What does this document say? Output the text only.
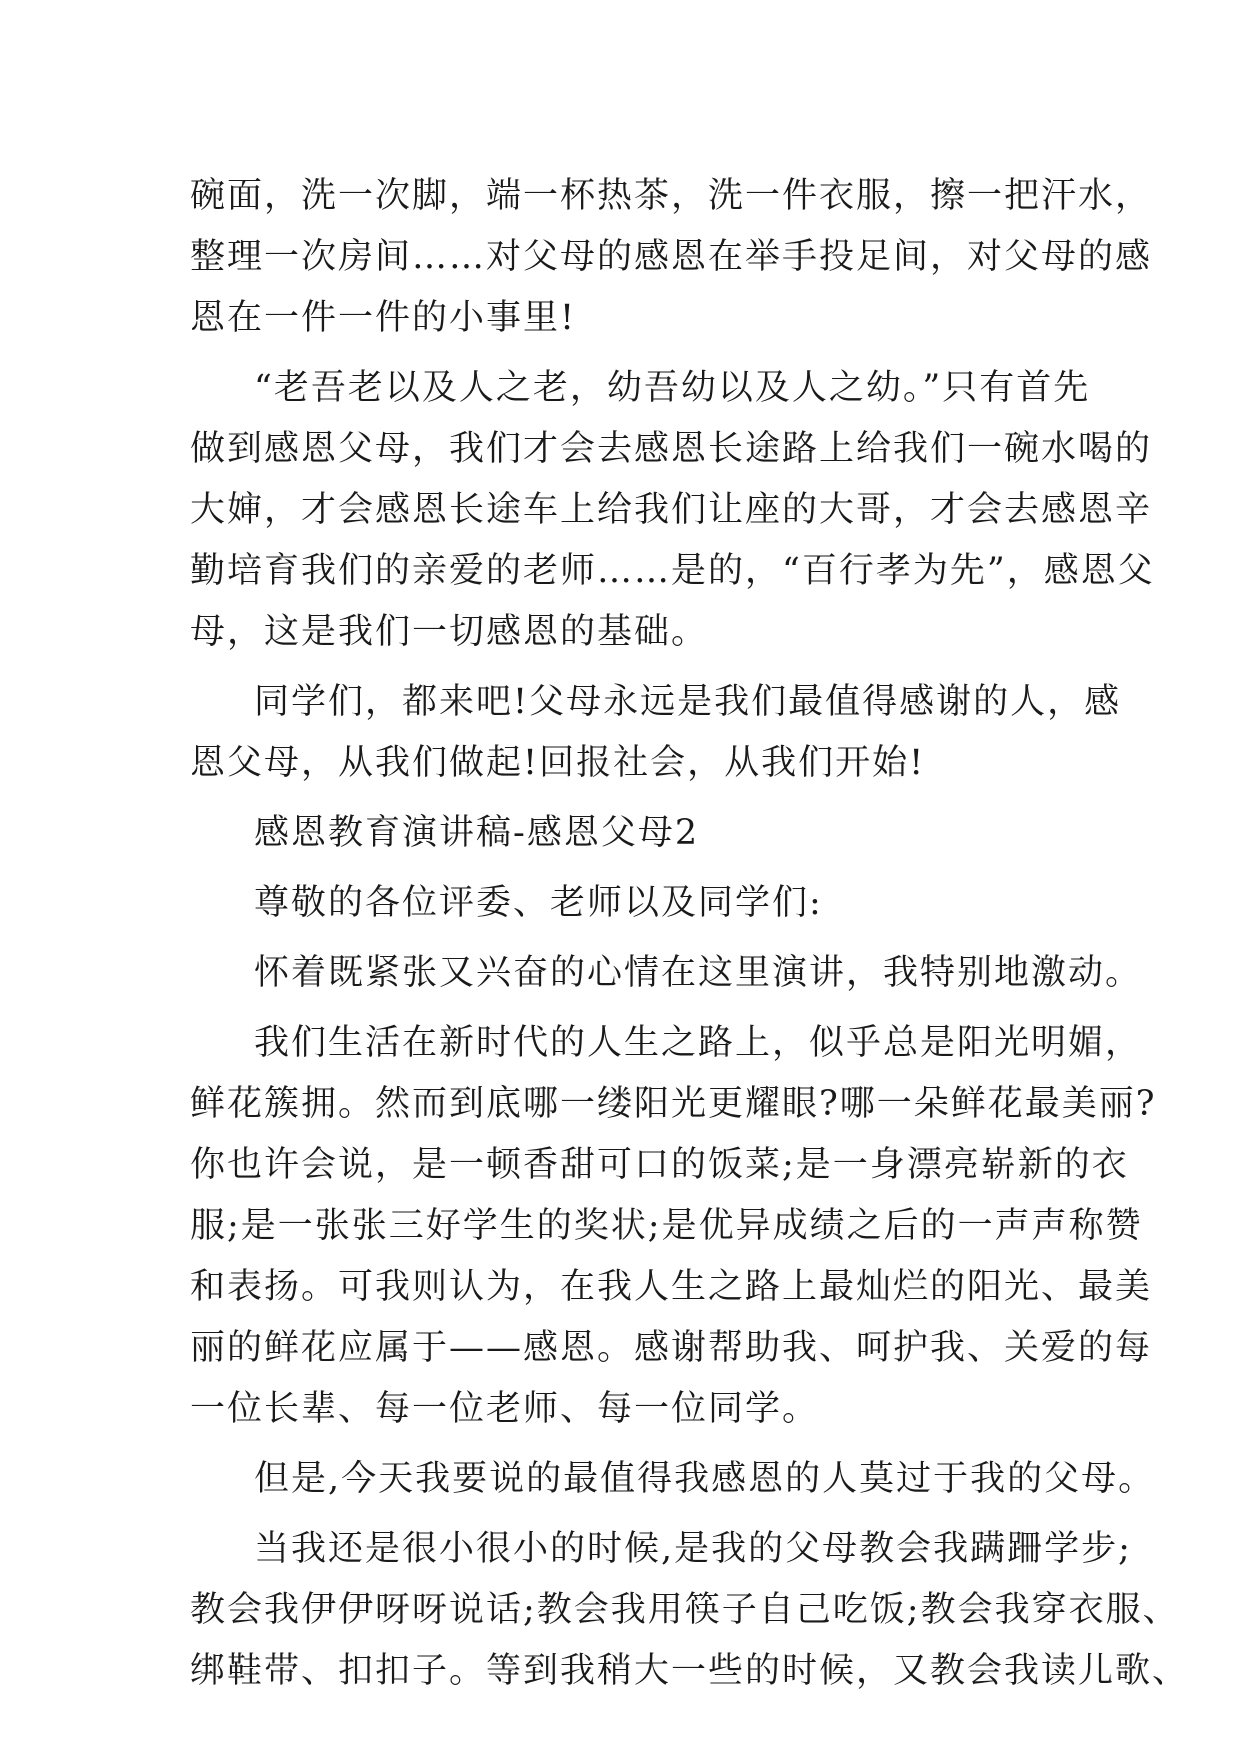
碗面，洗一次脚，端一杯热茶，洗一件衣服，擦一把汗水，
整理一次房间……对父母的感恩在举手投足间，对父母的感
恩在一件一件的小事里!

“老吾老以及人之老，幼吾幼以及人之幼。”只有首先
做到感恩父母，我们才会去感恩长途路上给我们一碗水喝的
大婶，才会感恩长途车上给我们让座的大哥，才会去感恩辛
勤培育我们的亲爱的老师……是的，“百行孝为先”，感恩父
母，这是我们一切感恩的基础。

同学们，都来吧!父母永远是我们最值得感谢的人，感
恩父母，从我们做起!回报社会，从我们开始!

感恩教育演讲稿-感恩父母2

尊敬的各位评委、老师以及同学们:

怀着既紧张又兴奋的心情在这里演讲，我特别地激动。

我们生活在新时代的人生之路上，似乎总是阳光明媚，
鲜花簇拥。然而到底哪一缕阳光更耀眼?哪一朵鲜花最美丽?
你也许会说，是一顿香甜可口的饭菜;是一身漂亮崭新的衣
服;是一张张三好学生的奖状;是优异成绩之后的一声声称赞
和表扬。可我则认为，在我人生之路上最灿烂的阳光、最美
丽的鲜花应属于——感恩。感谢帮助我、呵护我、关爱的每
一位长辈、每一位老师、每一位同学。

但是,今天我要说的最值得我感恩的人莫过于我的父母。

当我还是很小很小的时候,是我的父母教会我蹒跚学步;
教会我伊伊呀呀说话;教会我用筷子自己吃饭;教会我穿衣服、
绑鞋带、扣扣子。等到我稍大一些的时候，又教会我读儿歌、
